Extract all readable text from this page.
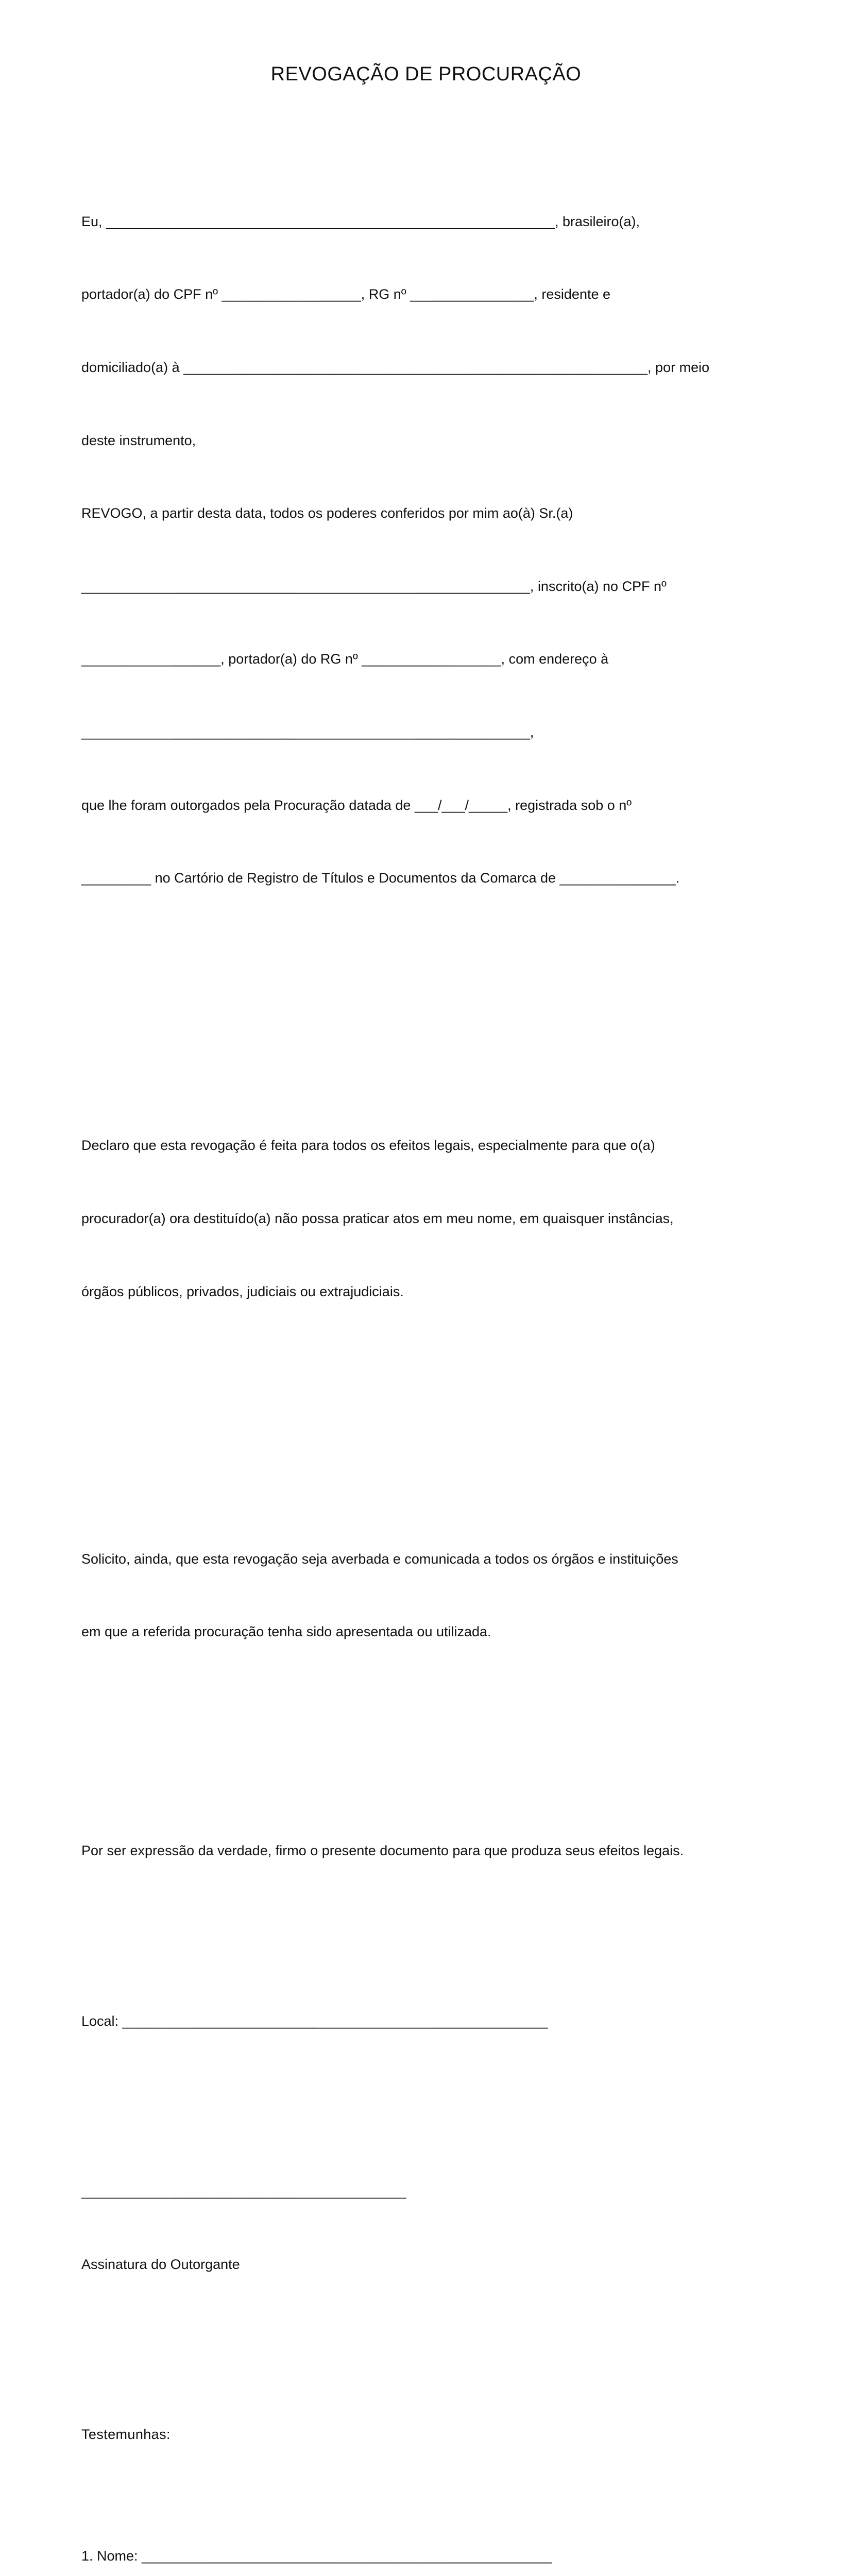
REVOGAÇÃO DE PROCURAÇÃO

Eu, __________________________________________________________, brasileiro(a),

portador(a) do CPF nº __________________, RG nº ________________, residente e

domiciliado(a) à ____________________________________________________________, por meio

deste instrumento,

REVOGO, a partir desta data, todos os poderes conferidos por mim ao(à) Sr.(a)

__________________________________________________________, inscrito(a) no CPF nº

__________________, portador(a) do RG nº __________________, com endereço à

__________________________________________________________,

que lhe foram outorgados pela Procuração datada de ___/___/_____, registrada sob o nº

_________ no Cartório de Registro de Títulos e Documentos da Comarca de _______________.

Declaro que esta revogação é feita para todos os efeitos legais, especialmente para que o(a)

procurador(a) ora destituído(a) não possa praticar atos em meu nome, em quaisquer instâncias,

órgãos públicos, privados, judiciais ou extrajudiciais.

Solicito, ainda, que esta revogação seja averbada e comunicada a todos os órgãos e instituições

em que a referida procuração tenha sido apresentada ou utilizada.

Por ser expressão da verdade, firmo o presente documento para que produza seus efeitos legais.

Local: _______________________________________________________

__________________________________________

Assinatura do Outorgante

Testemunhas:

1. Nome: _____________________________________________________
